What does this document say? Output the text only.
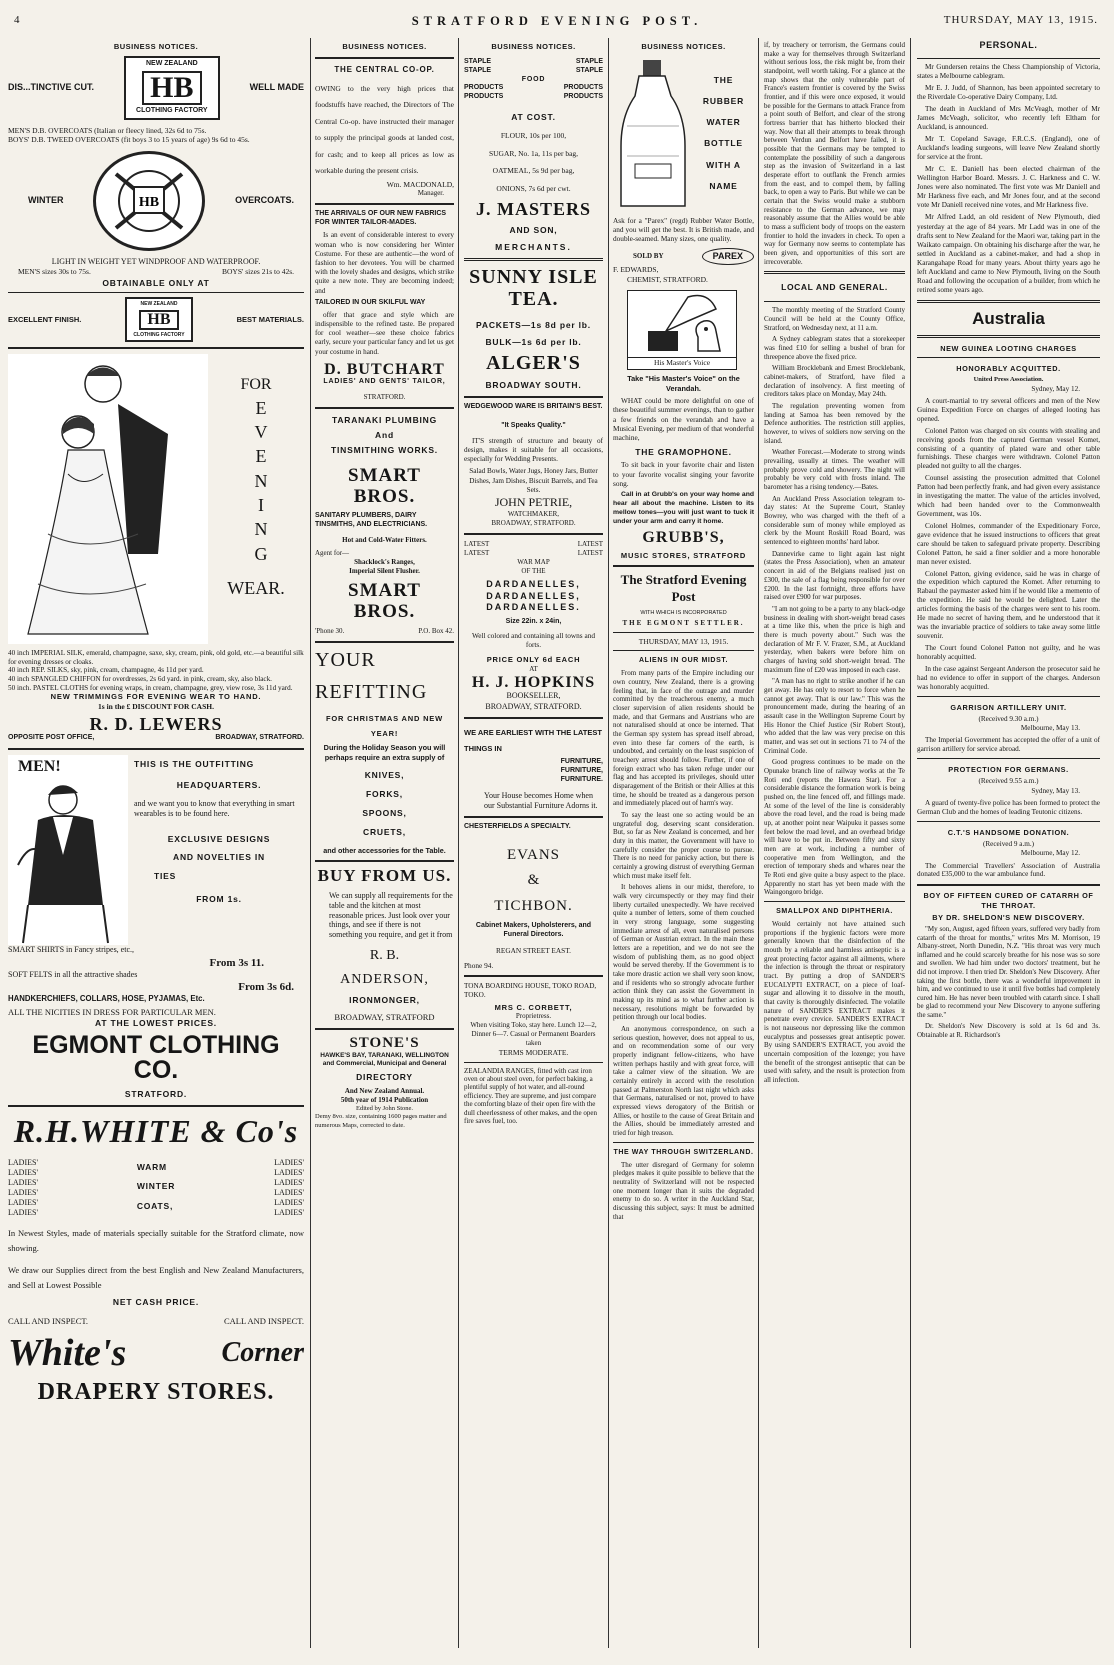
4	STRATFORD EVENING POST.	THURSDAY, MAY 13, 1915.
BUSINESS NOTICES.
DIS...TINCTIVE CUT.
NEW ZEALAND
HB
CLOTHING FACTORY
WELL MADE
MEN'S D.B. OVERCOATS (Italian or fleecy lined, 32s 6d to 75s.
BOYS' D.B. TWEED OVERCOATS (fit boys 3 to 15 years of age) 9s 6d to 45s.
WINTER	HB	OVERCOATS.
LIGHT IN WEIGHT YET WINDPROOF AND WATERPROOF.
MEN'S sizes 30s to 75s.	BOYS' sizes 21s to 42s.
OBTAINABLE ONLY AT
EXCELLENT FINISH.
NEW ZEALAND
HB
CLOTHING FACTORY
BEST MATERIALS.
FOR
E
V
E
N
I
N
G
WEAR.
40 inch IMPERIAL SILK, emerald, champagne, saxe, sky, cream, pink, old gold, etc.—a beautiful silk for evening dresses or cloaks.
40 inch REP. SILKS, sky, pink, cream, champagne, 4s 11d per yard.
40 inch SPANGLED CHIFFON for overdresses, 2s 6d yard. in pink, cream, sky, also black.
50 inch. PASTEL CLOTHS for evening wraps, in cream, champagne, grey, view rose, 3s 11d yard.
NEW TRIMMINGS FOR EVENING WEAR TO HAND.
1s in the £ DISCOUNT FOR CASH.
R. D. LEWERS
OPPOSITE POST OFFICE,	BROADWAY, STRATFORD.
MEN!	THIS IS THE OUTFITTING
HEADQUARTERS.
and we want you to know that everything in smart wearables is to be found here.
EXCLUSIVE DESIGNS
AND NOVELTIES IN
TIES
FROM 1s.
SMART SHIRTS in Fancy stripes, etc.,
From 3s 11.
SOFT FELTS in all the attractive shades
From 3s 6d.
HANDKERCHIEFS, COLLARS, HOSE, PYJAMAS, Etc.
ALL THE NICITIES IN DRESS FOR PARTICULAR MEN.
AT THE LOWEST PRICES.
EGMONT CLOTHING CO.
STRATFORD.
R.H.WHITE & Co's
LADIES'
LADIES'
LADIES'
LADIES'
LADIES'
LADIES'
WARM
WINTER
COATS,
LADIES'
LADIES'
LADIES'
LADIES'
LADIES'
LADIES'
In Newest Styles, made of materials specially suitable for the Stratford climate, now showing.
We draw our Supplies direct from the best English and New Zealand Manufacturers, and Sell at Lowest Possible
NET CASH PRICE.
CALL AND INSPECT.	CALL AND INSPECT.
White's	Corner
DRAPERY STORES.
BUSINESS NOTICES.
THE CENTRAL CO-OP.
OWING to the very high prices that foodstuffs have reached, the Directors of The Central Co-op. have instructed their manager to supply the principal goods at landed cost, for cash; and to keep all prices as low as workable during the present crisis.
Wm. MACDONALD,
Manager.
THE ARRIVALS OF OUR NEW FABRICS FOR WINTER TAILOR-MADES.
Is an event of considerable interest to every woman who is now considering her Winter Costume. For these are authentic—the word of fashion to her devotees. You will be charmed with the lovely shades and designs, which strike quite a new note. They are becoming indeed; and
TAILORED IN OUR SKILFUL WAY
offer that grace and style which are indispensible to the refined taste. Be prepared for cool weather—see these choice fabrics early, secure your particular fancy and let us get your costume in hand.
D. BUTCHART
LADIES' AND GENTS' TAILOR,
STRATFORD.
TARANAKI PLUMBING
And
TINSMITHING WORKS.
SMART BROS.
SANITARY PLUMBERS, DAIRY TINSMITHS, AND ELECTRICIANS.
Hot and Cold-Water Fitters.
Agent for—
Shacklock's Ranges,
Imperial Silent Flusher.
SMART BROS.
'Phone 30.	P.O. Box 42.
YOUR
REFITTING
FOR CHRISTMAS AND NEW YEAR!
During the Holiday Season you will perhaps require an extra supply of
KNIVES,
FORKS,
SPOONS,
CRUETS,
and other accessories for the Table.
BUY FROM US.
We can supply all requirements for the table and the kitchen at most reasonable prices. Just look over your things, and see if there is not something you require, and get it from
R. B.
ANDERSON,
IRONMONGER,
BROADWAY, STRATFORD
STONE'S
HAWKE'S BAY, TARANAKI, WELLINGTON and Commercial, Municipal and General
DIRECTORY
And New Zealand Annual.
50th year of 1914 Publication
Edited by John Stone.
Demy 8vo. size, containing 1600 pages matter and numerous Maps, corrected to date.
BUSINESS NOTICES.
STAPLE	STAPLE
STAPLE	STAPLE
FOOD
PRODUCTS	PRODUCTS
PRODUCTS	PRODUCTS
AT COST.
FLOUR, 10s per 100,
SUGAR, No. 1a, 11s per bag,
OATMEAL, 5s 9d per bag,
ONIONS, 7s 6d per cwt.
J. MASTERS
AND SON,
MERCHANTS.
SUNNY ISLE
TEA.
PACKETS—1s 8d per lb.
BULK—1s 6d per lb.
ALGER'S
BROADWAY SOUTH.
WEDGEWOOD WARE IS BRITAIN'S BEST.
"It Speaks Quality."
IT'S strength of structure and beauty of design, makes it suitable for all occasions, especially for Wedding Presents.
Salad Bowls, Water Jugs, Honey Jars, Butter Dishes, Jam Dishes, Biscuit Barrels, and Tea Sets.
JOHN PETRIE,
WATCHMAKER,
BROADWAY, STRATFORD.
LATEST	LATEST
LATEST	LATEST
WAR MAP
OF THE
DARDANELLES,
DARDANELLES,
DARDANELLES.
Size 22in. x 24in,
Well colored and containing all towns and forts.
PRICE ONLY 6d EACH
AT
H. J. HOPKINS
BOOKSELLER,
BROADWAY, STRATFORD.
WE ARE EARLIEST WITH THE LATEST THINGS IN
FURNITURE,
FURNITURE,
FURNITURE.
Your House becomes Home when our Substantial Furniture Adorns it.
CHESTERFIELDS A SPECIALTY.
EVANS
&
TICHBON.
Cabinet Makers, Upholsterers, and Funeral Directors.
REGAN STREET EAST.
Phone 94.
TONA BOARDING HOUSE, TOKO ROAD, TOKO.
MRS C. CORBETT,
Proprietress.
When visiting Toko, stay here. Lunch 12—2, Dinner 6—7. Casual or Permanent Boarders taken
TERMS MODERATE.
ZEALANDIA RANGES, fitted with cast iron oven or about steel oven, for perfect baking, a plentiful supply of hot water, and all-round efficiency. They are supreme, and just compare the comforting blaze of their open fire with the dull cheerlessness of other makes, and the open fire saves fuel, too.
BUSINESS NOTICES.
THE
RUBBER
WATER
BOTTLE
WITH A
NAME
Ask for a "Parex" (regd) Rubber Water Bottle, and you will get the best. It is British made, and double-seamed. Many sizes, one quality.
SOLD BY	PAREX
F. EDWARDS,
CHEMIST, STRATFORD.
His Master's Voice
Take "His Master's Voice" on the Verandah.
WHAT could be more delightful on one of these beautiful summer evenings, than to gather a few friends on the verandah and have a Musical Evening, per medium of that wonderful machine,
THE GRAMOPHONE.
To sit back in your favorite chair and listen to your favorite vocalist singing your favorite song.
Call in at Grubb's on your way home and hear all about the machine. Listen to its mellow tones—you will just want to tuck it under your arm and carry it home.
GRUBB'S,
MUSIC STORES, STRATFORD
The Stratford Evening Post
WITH WHICH IS INCORPORATED
THE EGMONT SETTLER.
THURSDAY, MAY 13, 1915.
ALIENS IN OUR MIDST.
From many parts of the Empire including our own country, New Zealand, there is a growing feeling that, in face of the outrage and murder committed by the treacherous enemy, a much closer supervision of alien residents should be made, and that Germans and Austrians who are not naturalised should at once be interned. That the German spy system has spread itself abroad, even into these far corners of the earth, is undoubted, and certainly on the least suspicion of treachery arrest should follow. Further, if one of foreign extract who has taken refuge under our flag and has accepted its privileges, should utter disparagement of the British or their Allies at this time, he should be treated as a dangerous person and immediately placed out of harm's way.
To say the least one so acting would be an ungrateful dog, deserving scant consideration. But, so far as New Zealand is concerned, and her duty in this matter, the Government will have to carefully consider the proper course to pursue. There is no need for panicky action, but there is certainly a growing distrust of everything German which must make itself felt.
It behoves aliens in our midst, therefore, to walk very circumspectly or they may find their liberty curtailed unexpectedly. We have received quite a number of letters, some of them couched in very strong language, some suggesting immediate arrest of all, even naturalised persons of German or Austrian extract. In the main these letters are a repetition, and we do not see the wisdom of publishing them, as no good object would be served thereby. If the Government is to take more drastic action we shall very soon know, and if residents who so strongly advocate further action think they can assist the Government in making up its mind as to what further action is necessary, resolutions might be forwarded by petition through our local bodies.
An anonymous correspondence, on such a serious question, however, does not appeal to us, and on recommendation some of our very properly indignant fellow-citizens, who have written perhaps hastily and with great force, will take a calmer view of the situation. We are certainly entirely in accord with the resolution passed at Palmerston North last night which asks that Germans, naturalised or not, proved to have expressed views derogatory of the British or Allies, or hostile to the cause of Great Britain and the Allies, should be immediately arrested and tried for high treason.
THE WAY THROUGH SWITZERLAND.
The utter disregard of Germany for solemn pledges makes it quite possible to believe that the neutrality of Switzerland will not be respected one moment longer than it suits the degraded enemy to do so. A writer in the Auckland Star, discussing this subject, says: It must be admitted that
if, by treachery or terrorism, the Germans could make a way for themselves through Switzerland without serious loss, the risk might be, from their standpoint, well worth taking. For a glance at the map shows that the only vulnerable part of France's eastern frontier is covered by the Swiss frontier, and if this were once exposed, it would be possible for the Germans to attack France from a point south of Belfort, and clear of the strong fortress barrier that has hitherto blocked their way. Now that all their attempts to break through between Verdun and Belfort have failed, it is possible that the Germans may be tempted to contemplate the possibility of such a dangerous step as the invasion of Switzerland in a last desperate effort to outflank the French armies from the east, and to compel them, by falling back, to open a way to Paris. But while we can be certain that the Swiss would make a stubborn resistance to the German advance, we may reasonably assume that the Allies would be able to mass a sufficient body of troops on the eastern frontier to hold the invaders in check. To open a way for Germany now seems to contemplate has been given, and opportunities of this sort are irrecoverable.
LOCAL AND GENERAL.
The monthly meeting of the Stratford County Council will be held at the County Office, Stratford, on Wednesday next, at 11 a.m.
A Sydney cablegram states that a storekeeper was fined £10 for selling a bushel of bran for threepence above the fixed price.
William Brocklebank and Ernest Brocklebank, cabinet-makers, of Stratford, have filed a declaration of insolvency. A first meeting of creditors takes place on Monday, May 24th.
The regulation preventing women from landing at Samoa has been removed by the Defence authorities. The restriction still applies, however, to wives of soldiers now serving on the island.
Weather Forecast.—Moderate to strong winds prevailing, usually at times. The weather will probably prove cold and showery. The night will probably be very cold with frosts inland. The barometer has a rising tendency.—Bates.
An Auckland Press Association telegram to-day states: At the Supreme Court, Stanley Bowrey, who was charged with the theft of a considerable sum of money while employed as clerk by the Mount Roskill Road Board, was sentenced to eighteen months' hard labor.
Dannevirke came to light again last night (states the Press Association), when an amateur concert in aid of the Belgians realised just on £300, the sale of a flag being responsible for over £200. In the last fortnight, three efforts have raised over £900 for war purposes.
"I am not going to be a party to any black-odge business in dealing with short-weight bread cases at a time like this, when the price is high and there is much poverty about." Such was the declaration of Mr F. V. Frazer, S.M., at Auckland yesterday, when bakers were before him on charges of having sold short-weight bread. The maximum fine of £20 was imposed in each case.
"A man has no right to strike another if he can get away. He has only to resort to force when he cannot get away. That is our law." This was the pronouncement made, during the hearing of an assault case in the Wellington Supreme Court by His Honor the Chief Justice (Sir Robert Stout), who added that the law was very precise on this matter, and was set out in sections 71 to 74 of the Criminal Code.
Good progress continues to be made on the Opunake branch line of railway works at the Te Roti end (reports the Hawera Star). For a considerable distance the formation work is being pushed on, the line fenced off, and fillings made. At some of the level of the line is considerably above the road level, and the road is being made up, at another point near Waipuku it passes some feet below the road level, and an overhead bridge will have to be put in. Between fifty and sixty men are at work, including a number of cooperative men from Wellington, and the erection of temporary sheds and whares near the Te Roti end give quite a busy aspect to the place. Apparently no start has yet been made with the Waingongoro bridge.
SMALLPOX AND DIPHTHERIA.
Would certainly not have attained such proportions if the hygienic factors were more generally known that the disinfection of the mouth by a reliable and harmless antiseptic is a great protecting factor against all ailments, where the infection is through the throat or respiratory tract. By putting a drop of SANDER'S EUCALYPTI EXTRACT, on a piece of loaf-sugar and allowing it to dissolve in the mouth, that cavity is thoroughly disinfected. The volatile nature of SANDER'S EXTRACT makes it penetrate every crevice. SANDER'S EXTRACT is not nauseous nor depressing like the common eucalyptus and possesses great antiseptic power. By using SANDER'S EXTRACT, you avoid the uncertain composition of the lozenge; you have the benefit of the strongest antiseptic that can be used with safety, and the result is protection from all infection.
PERSONAL.
Mr Gundersen retains the Chess Championship of Victoria, states a Melbourne cablegram.
Mr E. J. Judd, of Shannon, has been appointed secretary to the Riverdale Co-operative Dairy Company, Ltd.
The death in Auckland of Mrs McVeagh, mother of Mr James McVeagh, solicitor, who recently left Eltham for Auckland, is announced.
Mr T. Copeland Savage, F.R.C.S. (England), one of Auckland's leading surgeons, will leave New Zealand shortly for service at the front.
Mr C. E. Daniell has been elected chairman of the Wellington Harbor Board. Messrs. J. C. Harkness and C. W. Jones were also nominated. The first vote was Mr Daniell and Mr Harkness five each, and Mr Jones four, and at the second vote Mr Daniell received nine votes, and Mr Harkness five.
Mr Alfred Ladd, an old resident of New Plymouth, died yesterday at the age of 84 years. Mr Ladd was in one of the drafts sent to New Zealand for the Maori war, taking part in the Waikato campaign. On obtaining his discharge after the war, he settled in Auckland as a cabinet-maker, and had a shop in Karangahape Road for many years. About thirty years ago he left Auckland and came to New Plymouth, living on the South Road and following the occupation of a builder, from which he retired some years ago.
Australia
NEW GUINEA LOOTING CHARGES
HONORABLY ACQUITTED.
United Press Association.
Sydney, May 12.
A court-martial to try several officers and men of the New Guinea Expedition Force on charges of alleged looting has opened.
Colonel Patton was charged on six counts with stealing and receiving goods from the captured German vessel Komet, consisting of a quantity of plated ware and other table furnishings. These charges were withdrawn. Colonel Patton pleaded not guilty to all the charges.
Counsel assisting the prosecution admitted that Colonel Patton had been perfectly frank, and had given every assistance in investigating the matter. The value of the articles involved, which had been handed over to the Commonwealth Government, was 10s.
Colonel Holmes, commander of the Expeditionary Force, gave evidence that he issued instructions to officers that great care should be taken to safeguard private property. Describing Colonel Patton, he said a finer soldier and a more honorable man never existed.
Colonel Patton, giving evidence, said he was in charge of the expedition which captured the Komet. After returning to Rabaul the paymaster asked him if he would like a memento of the expedition. He said he would be delighted. Later the articles forming the basis of the charges were sent to his room. He made no secret of having them, and he understood that it was the invariable practice of soldiers to take away some little souvenir.
The Court found Colonel Patton not guilty, and he was honorably acquitted.
In the case against Sergeant Anderson the prosecutor said he had no evidence to offer in support of the charges. Anderson was honorably acquitted.
GARRISON ARTILLERY UNIT.
(Received 9.30 a.m.)
Melbourne, May 13.
The Imperial Government has accepted the offer of a unit of garrison artillery for service abroad.
PROTECTION FOR GERMANS.
(Received 9.55 a.m.)
Sydney, May 13.
A guard of twenty-five police has been formed to protect the German Club and the homes of leading Teutonic citizens.
C.T.'S HANDSOME DONATION.
(Received 9 a.m.)
Melbourne, May 12.
The Commercial Travellers' Association of Australia donated £35,000 to the war ambulance fund.
BOY OF FIFTEEN CURED OF CATARRH OF THE THROAT.
BY DR. SHELDON'S NEW DISCOVERY.
"My son, August, aged fifteen years, suffered very badly from catarrh of the throat for months," writes Mrs M. Morrison, 19 Albany-street, North Dunedin, N.Z. "His throat was very much inflamed and he could scarcely breathe for his nose was so sore and swollen. We had him under two doctors' treatment, but he did not improve. I then tried Dr. Sheldon's New Discovery. After taking the first bottle, there was a wonderful improvement in him, and we continued to use it until five bottles had completely cured him. He has never been troubled with catarrh since. I shall be glad to recommend your New Discovery to anyone suffering the same."
Dr. Sheldon's New Discovery is sold at 1s 6d and 3s. Obtainable at R. Richardson's
